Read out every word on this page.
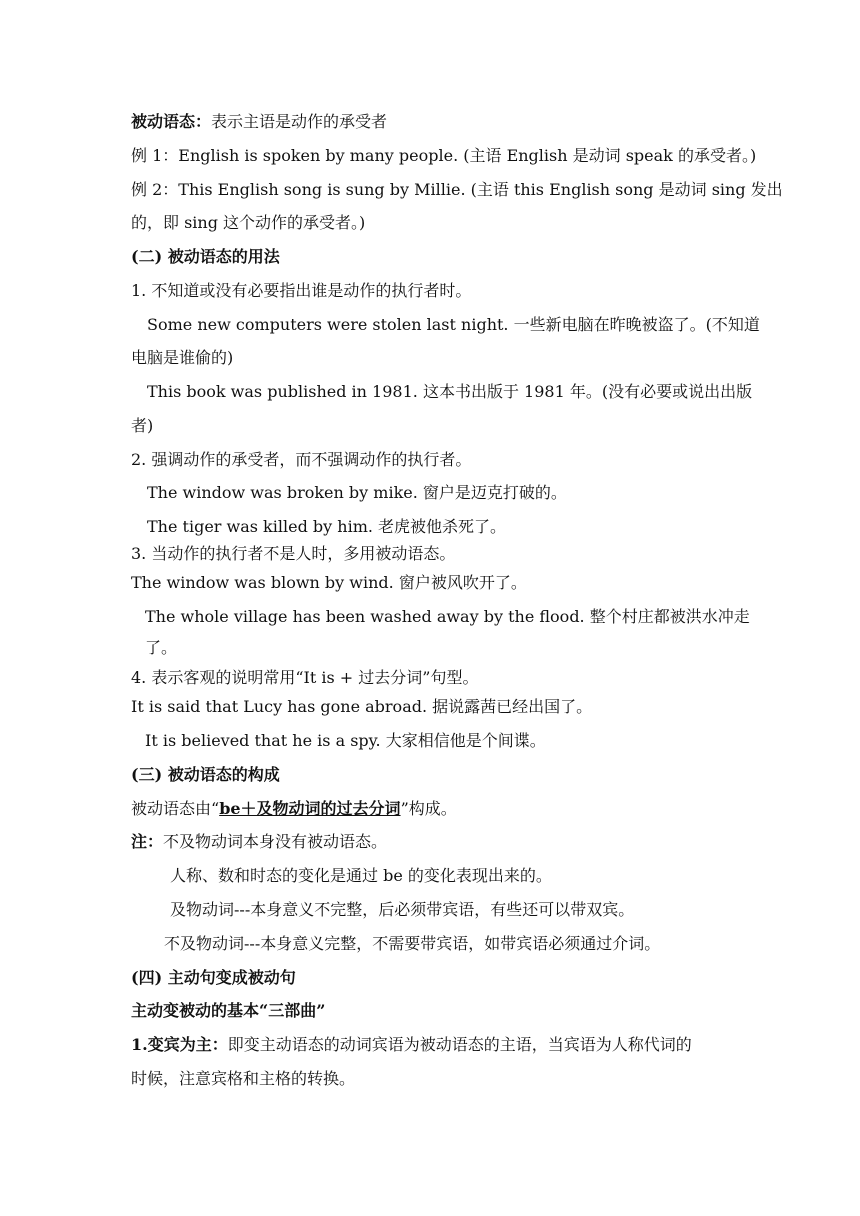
被动语态：表示主语是动作的承受者
例 1：English is spoken by many people. (主语 English 是动词 speak 的承受者。)
例 2：This English song is sung by Millie. (主语 this English song 是动词 sing 发出
的，即 sing 这个动作的承受者。)
(二) 被动语态的用法
1. 不知道或没有必要指出谁是动作的执行者时。
Some new computers were stolen last night. 一些新电脑在昨晚被盗了。(不知道
电脑是谁偷的)
This book was published in 1981. 这本书出版于 1981 年。(没有必要或说出出版
者)
2. 强调动作的承受者，而不强调动作的执行者。
The window was broken by mike. 窗户是迈克打破的。
The tiger was killed by him. 老虎被他杀死了。
3. 当动作的执行者不是人时，多用被动语态。
The window was blown by wind. 窗户被风吹开了。
The whole village has been washed away by the flood. 整个村庄都被洪水冲走
了。
4. 表示客观的说明常用“It is + 过去分词”句型。
It is said that Lucy has gone abroad. 据说露茜已经出国了。
It is believed that he is a spy. 大家相信他是个间谍。
(三) 被动语态的构成
被动语态由“be＋及物动词的过去分词”构成。
注：不及物动词本身没有被动语态。
人称、数和时态的变化是通过 be 的变化表现出来的。
及物动词---本身意义不完整，后必须带宾语，有些还可以带双宾。
不及物动词---本身意义完整，不需要带宾语，如带宾语必须通过介词。
(四) 主动句变成被动句
主动变被动的基本“三部曲”
1.变宾为主：即变主动语态的动词宾语为被动语态的主语，当宾语为人称代词的
时候，注意宾格和主格的转换。
